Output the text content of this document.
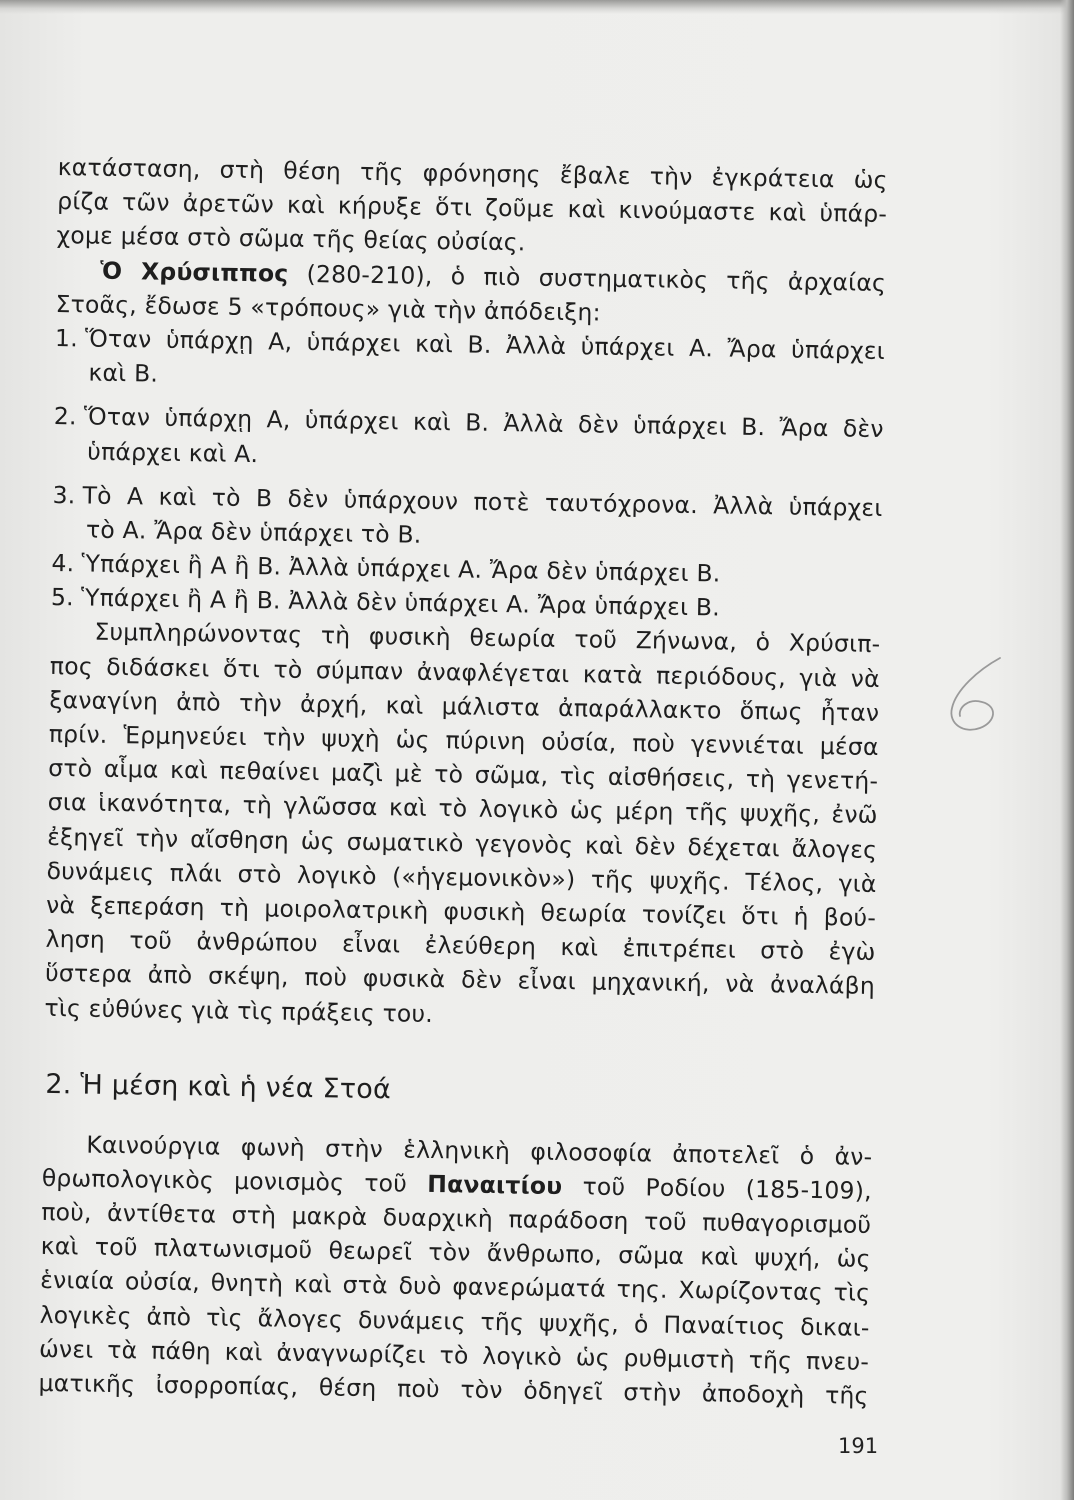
κατάσταση, στὴ θέση τῆς φρόνησης ἔβαλε τὴν ἐγκράτεια ὡς
ρίζα τῶν ἀρετῶν καὶ κήρυξε ὅτι ζοῦμε καὶ κινούμαστε καὶ ὑπάρ-
χομε μέσα στὸ σῶμα τῆς θείας οὐσίας.
Ὁ Χρύσιππος (280-210), ὁ πιὸ συστηματικὸς τῆς ἀρχαίας
Στοᾶς, ἔδωσε 5 «τρόπους» γιὰ τὴν ἀπόδειξη:
1. Ὅταν ὑπάρχῃ Α, ὑπάρχει καὶ Β. Ἀλλὰ ὑπάρχει Α. Ἄρα ὑπάρχει
καὶ Β.
2. Ὅταν ὑπάρχῃ Α, ὑπάρχει καὶ Β. Ἀλλὰ δὲν ὑπάρχει Β. Ἄρα δὲν
ὑπάρχει καὶ Α.
3. Τὸ Α καὶ τὸ Β δὲν ὑπάρχουν ποτὲ ταυτόχρονα. Ἀλλὰ ὑπάρχει
τὸ Α. Ἄρα δὲν ὑπάρχει τὸ Β.
4. Ὑπάρχει ἢ Α ἢ Β. Ἀλλὰ ὑπάρχει Α. Ἄρα δὲν ὑπάρχει Β.
5. Ὑπάρχει ἢ Α ἢ Β. Ἀλλὰ δὲν ὑπάρχει Α. Ἄρα ὑπάρχει Β.
Συμπληρώνοντας τὴ φυσικὴ θεωρία τοῦ Ζήνωνα, ὁ Χρύσιπ-
πος διδάσκει ὅτι τὸ σύμπαν ἀναφλέγεται κατὰ περιόδους, γιὰ νὰ
ξαναγίνη ἀπὸ τὴν ἀρχή, καὶ μάλιστα ἀπαράλλακτο ὅπως ἦταν
πρίν. Ἑρμηνεύει τὴν ψυχὴ ὡς πύρινη οὐσία, ποὺ γεννιέται μέσα
στὸ αἷμα καὶ πεθαίνει μαζὶ μὲ τὸ σῶμα, τὶς αἰσθήσεις, τὴ γενετή-
σια ἱκανότητα, τὴ γλῶσσα καὶ τὸ λογικὸ ὡς μέρη τῆς ψυχῆς, ἐνῶ
ἐξηγεῖ τὴν αἴσθηση ὡς σωματικὸ γεγονὸς καὶ δὲν δέχεται ἄλογες
δυνάμεις πλάι στὸ λογικὸ («ἡγεμονικὸν») τῆς ψυχῆς. Τέλος, γιὰ
νὰ ξεπεράση τὴ μοιρολατρικὴ φυσικὴ θεωρία τονίζει ὅτι ἡ βού-
ληση τοῦ ἀνθρώπου εἶναι ἐλεύθερη καὶ ἐπιτρέπει στὸ ἐγὼ
ὕστερα ἀπὸ σκέψη, ποὺ φυσικὰ δὲν εἶναι μηχανική, νὰ ἀναλάβη
τὶς εὐθύνες γιὰ τὶς πράξεις του.
2. Ἡ μέση καὶ ἡ νέα Στοά
Καινούργια φωνὴ στὴν ἑλληνικὴ φιλοσοφία ἀποτελεῖ ὁ ἀν-
θρωπολογικὸς μονισμὸς τοῦ Παναιτίου τοῦ Ροδίου (185-109),
ποὺ, ἀντίθετα στὴ μακρὰ δυαρχικὴ παράδοση τοῦ πυθαγορισμοῦ
καὶ τοῦ πλατωνισμοῦ θεωρεῖ τὸν ἄνθρωπο, σῶμα καὶ ψυχή, ὡς
ἑνιαία οὐσία, θνητὴ καὶ στὰ δυὸ φανερώματά της. Χωρίζοντας τὶς
λογικὲς ἀπὸ τὶς ἄλογες δυνάμεις τῆς ψυχῆς, ὁ Παναίτιος δικαι-
ώνει τὰ πάθη καὶ ἀναγνωρίζει τὸ λογικὸ ὡς ρυθμιστὴ τῆς πνευ-
ματικῆς ἰσορροπίας, θέση ποὺ τὸν ὁδηγεῖ στὴν ἀποδοχὴ τῆς
191
